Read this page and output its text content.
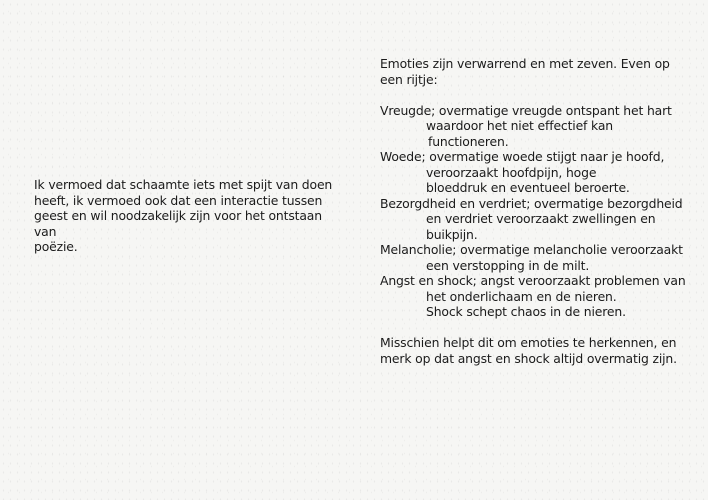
Ik vermoed dat schaamte iets met spijt van doen
heeft, ik vermoed ook dat een interactie tussen
geest en wil noodzakelijk zijn voor het ontstaan van
poëzie.
Emoties zijn verwarrend en met zeven. Even op
een rijtje:
Vreugde; overmatige vreugde ontspant het hart
waardoor het niet effectief kan
functioneren.
Woede; overmatige woede stijgt naar je hoofd,
veroorzaakt hoofdpijn, hoge
bloeddruk en eventueel beroerte.
Bezorgdheid en verdriet; overmatige bezorgdheid
en verdriet veroorzaakt zwellingen en
buikpijn.
Melancholie; overmatige melancholie veroorzaakt
een verstopping in de milt.
Angst en shock; angst veroorzaakt problemen van
het onderlichaam en de nieren.
Shock schept chaos in de nieren.
Misschien helpt dit om emoties te herkennen, en
merk op dat angst en shock altijd overmatig zijn.
